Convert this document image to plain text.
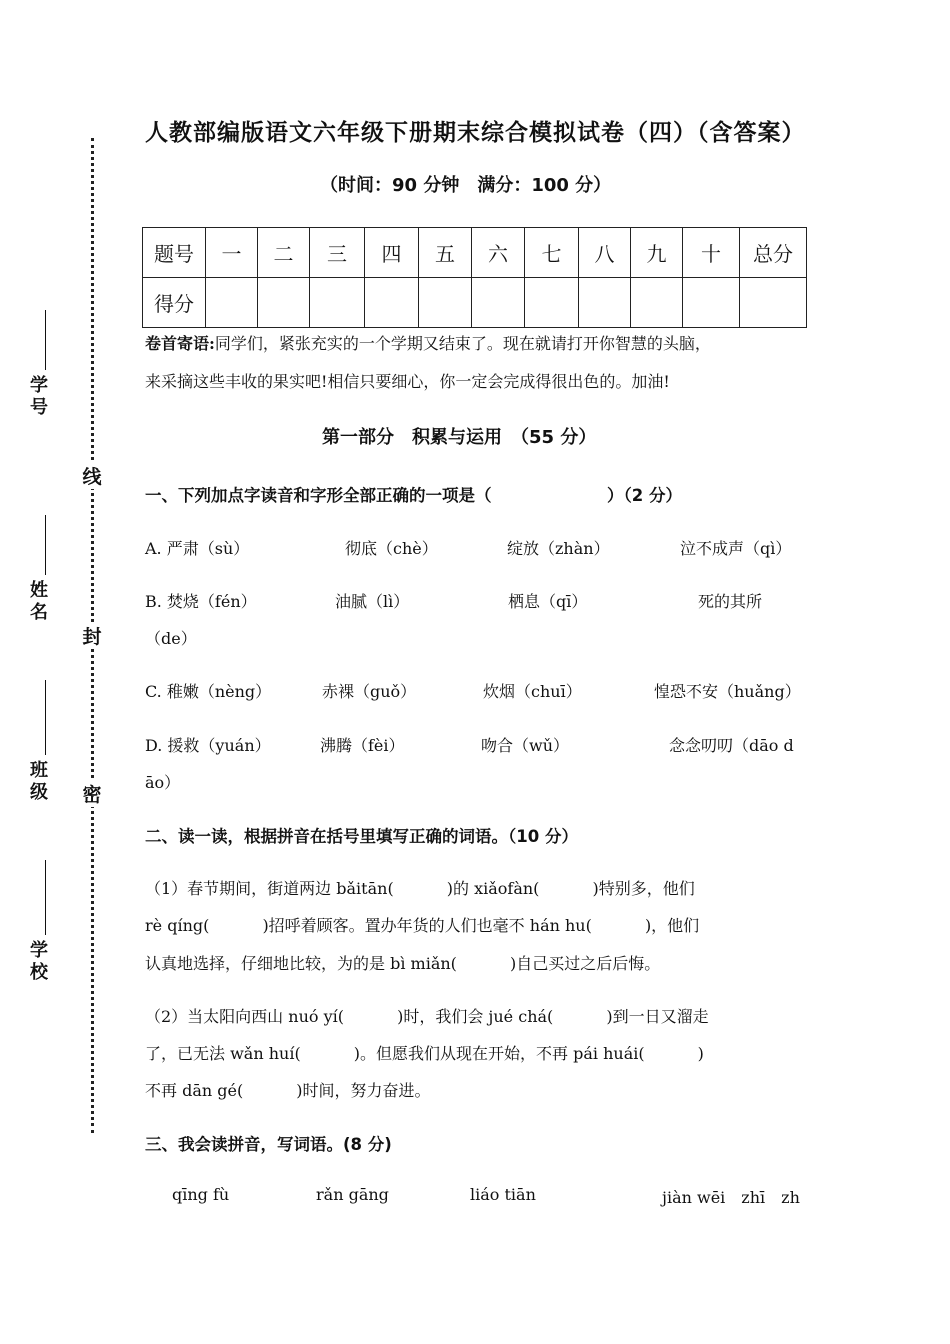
线
封
密
学号
姓名
班级
学校
人教部编版语文六年级下册期末综合模拟试卷（四）（含答案）
（时间：90 分钟　满分：100 分）
题号	一	二	三	四	五	六	七	八	九	十	总分
得分											
卷首寄语:同学们，紧张充实的一个学期又结束了。现在就请打开你智慧的头脑，
来采摘这些丰收的果实吧!相信只要细心，你一定会完成得很出色的。加油!
第一部分　积累与运用　（55 分）
一、下列加点字读音和字形全部正确的一项是（　　　　　　　）（2 分）
A. 严肃（sù）	彻底（chè）	绽放（zhàn）	泣不成声（qì）
B. 焚烧（fén）	油腻（lì）	栖息（qī）	死的其所
（de）
C. 稚嫩（nèng）	赤裸（guǒ）	炊烟（chuī）	惶恐不安（huǎng）
D. 援救（yuán）	沸腾（fèi）	吻合（wǔ）	念念叨叨（dāo d
āo）
二、读一读，根据拼音在括号里填写正确的词语。（10 分）
（1）春节期间，街道两边 bǎitān(　　　 )的 xiǎofàn(　　　 )特别多，他们
rè qíng(　　　 )招呼着顾客。置办年货的人们也毫不 hán hu(　　　 )，他们
认真地选择，仔细地比较，为的是 bì miǎn(　　　 )自己买过之后后悔。
（2）当太阳向西山 nuó yí(　　　 )时，我们会 jué chá(　　　 )到一日又溜走
了，已无法 wǎn huí(　　　 )。但愿我们从现在开始，不再 pái huái(　　　 )
不再 dān gé(　　　 )时间，努力奋进。
三、我会读拼音，写词语。(8 分)
qīng fù	rǎn gāng	liáo tiān	jiàn wēi　zhī　zh
